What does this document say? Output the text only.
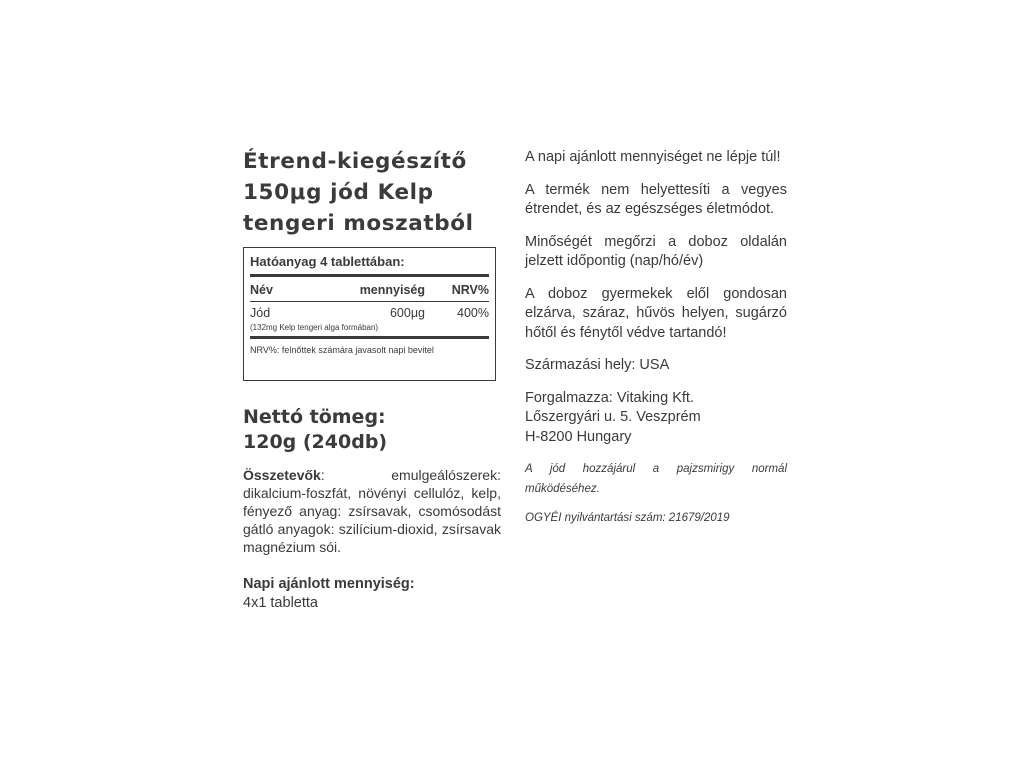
Étrend-kiegészítő
150μg jód Kelp
tengeri moszatból
Hatóanyag 4 tablettában:
Név	mennyiség	NRV%
Jód	600μg	400%
(132mg Kelp tengeri alga formában)
NRV%: felnőttek számára javasolt napi bevitel
Nettó tömeg:
120g (240db)
Összetevők: emulgeálószerek: dikalcium-foszfát, növényi cellulóz, kelp, fényező anyag: zsírsavak, csomósodást gátló anyagok: szilícium-dioxid, zsírsavak magnézium sói.
Napi ajánlott mennyiség:
4x1 tabletta

A napi ajánlott mennyiséget ne lépje túl!

A termék nem helyettesíti a vegyes étrendet, és az egészséges életmódot.

Minőségét megőrzi a doboz oldalán jelzett időpontig (nap/hó/év)

A doboz gyermekek elől gondosan elzárva, száraz, hűvös helyen, sugárzó hőtől és fénytől védve tartandó!

Származási hely: USA

Forgalmazza: Vitaking Kft.
Lőszergyári u. 5. Veszprém
H-8200 Hungary

A jód hozzájárul a pajzsmirigy normál működéséhez.

OGYÉI nyilvántartási szám: 21679/2019
